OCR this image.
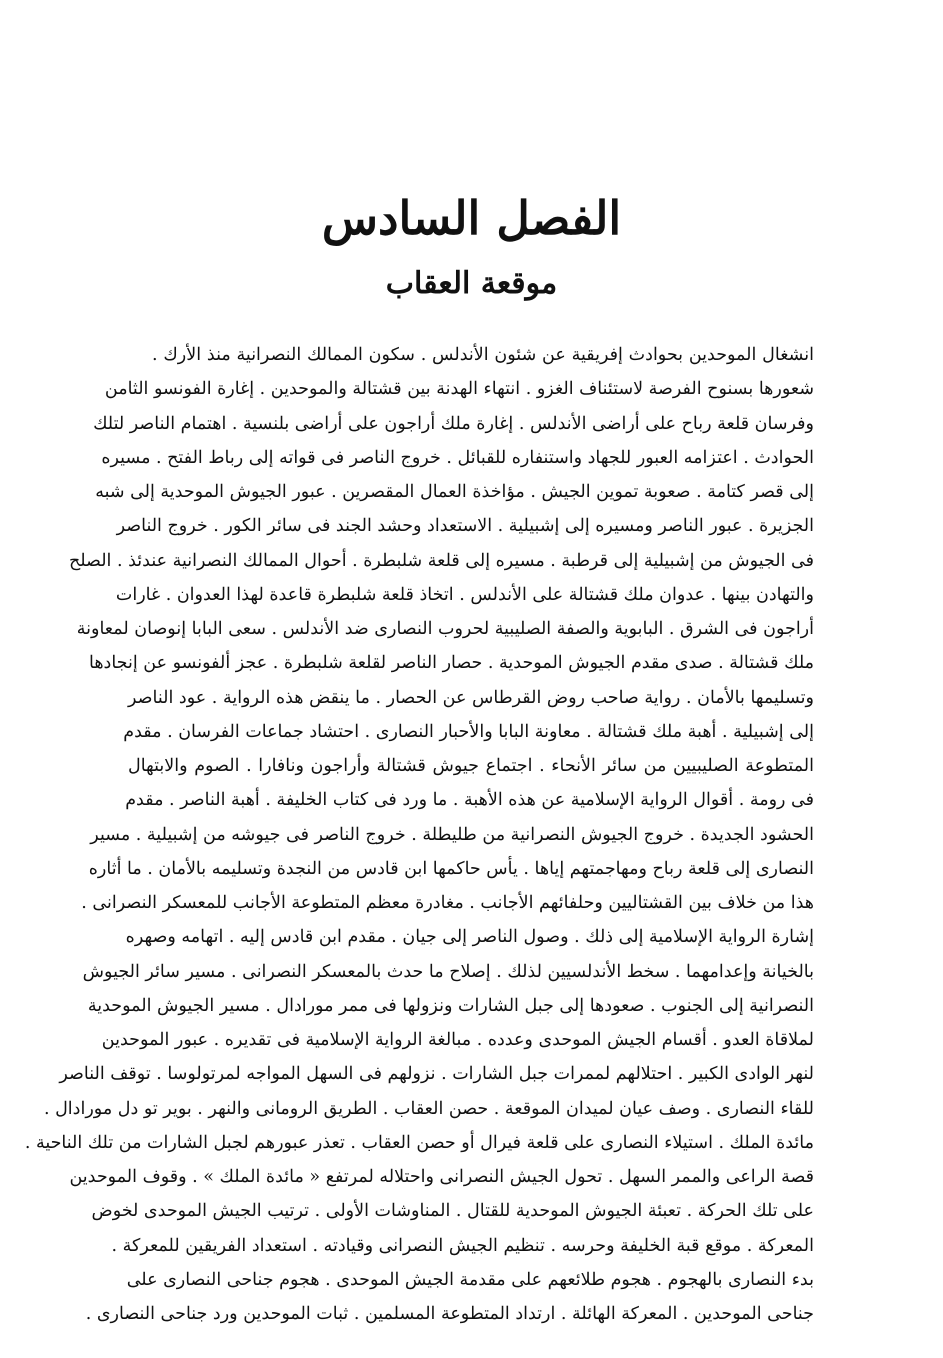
الفصل السادس
موقعة العقاب
انشغال الموحدين بحوادث إفريقية عن شئون الأندلس . سكون الممالك النصرانية منذ الأرك .
شعورها بسنوح الفرصة لاستئناف الغزو . انتهاء الهدنة بين قشتالة والموحدين . إغارة الفونسو الثامن
وفرسان قلعة رباح على أراضى الأندلس . إغارة ملك أراجون على أراضى بلنسية . اهتمام الناصر لتلك
الحوادث . اعتزامه العبور للجهاد واستنفاره للقبائل . خروج الناصر فى قواته إلى رباط الفتح . مسيره
إلى قصر كتامة . صعوبة تموين الجيش . مؤاخذة العمال المقصرين . عبور الجيوش الموحدية إلى شبه
الجزيرة . عبور الناصر ومسيره إلى إشبيلية . الاستعداد وحشد الجند فى سائر الكور . خروج الناصر
فى الجيوش من إشبيلية إلى قرطبة . مسيره إلى قلعة شلبطرة . أحوال الممالك النصرانية عندئذ . الصلح
والتهادن بينها . عدوان ملك قشتالة على الأندلس . اتخاذ قلعة شلبطرة قاعدة لهذا العدوان . غارات
أراجون فى الشرق . البابوية والصفة الصليبية لحروب النصارى ضد الأندلس . سعى البابا إنوصان لمعاونة
ملك قشتالة . صدى مقدم الجيوش الموحدية . حصار الناصر لقلعة شلبطرة . عجز ألفونسو عن إنجادها
وتسليمها بالأمان . رواية صاحب روض القرطاس عن الحصار . ما ينقض هذه الرواية . عود الناصر
إلى إشبيلية . أهبة ملك قشتالة . معاونة البابا والأحبار النصارى . احتشاد جماعات الفرسان . مقدم
المتطوعة الصليبيين من سائر الأنحاء . اجتماع جيوش قشتالة وأراجون ونافارا . الصوم والابتهال
فى رومة . أقوال الرواية الإسلامية عن هذه الأهبة . ما ورد فى كتاب الخليفة . أهبة الناصر . مقدم
الحشود الجديدة . خروج الجيوش النصرانية من طليطلة . خروج الناصر فى جيوشه من إشبيلية . مسير
النصارى إلى قلعة رباح ومهاجمتهم إياها . يأس حاكمها ابن قادس من النجدة وتسليمه بالأمان . ما أثاره
هذا من خلاف بين القشتاليين وحلفائهم الأجانب . مغادرة معظم المتطوعة الأجانب للمعسكر النصرانى .
إشارة الرواية الإسلامية إلى ذلك . وصول الناصر إلى جيان . مقدم ابن قادس إليه . اتهامه وصهره
بالخيانة وإعدامهما . سخط الأندلسيين لذلك . إصلاح ما حدث بالمعسكر النصرانى . مسير سائر الجيوش
النصرانية إلى الجنوب . صعودها إلى جبل الشارات ونزولها فى ممر مورادال . مسير الجيوش الموحدية
لملاقاة العدو . أقسام الجيش الموحدى وعدده . مبالغة الرواية الإسلامية فى تقديره . عبور الموحدين
لنهر الوادى الكبير . احتلالهم لممرات جبل الشارات . نزولهم فى السهل المواجه لمرتولوسا . توقف الناصر
للقاء النصارى . وصف عيان لميدان الموقعة . حصن العقاب . الطريق الرومانى والنهر . بوير تو دل مورادال .
مائدة الملك . استيلاء النصارى على قلعة فيرال أو حصن العقاب . تعذر عبورهم لجبل الشارات من تلك الناحية .
قصة الراعى والممر السهل . تحول الجيش النصرانى واحتلاله لمرتفع « مائدة الملك » . وقوف الموحدين
على تلك الحركة . تعبئة الجيوش الموحدية للقتال . المناوشات الأولى . ترتيب الجيش الموحدى لخوض
المعركة . موقع قبة الخليفة وحرسه . تنظيم الجيش النصرانى وقيادته . استعداد الفريقين للمعركة .
بدء النصارى بالهجوم . هجوم طلائعهم على مقدمة الجيش الموحدى . هجوم جناحى النصارى على
جناحى الموحدين . المعركة الهائلة . ارتداد المتطوعة المسلمين . ثبات الموحدين ورد جناحى النصارى .
